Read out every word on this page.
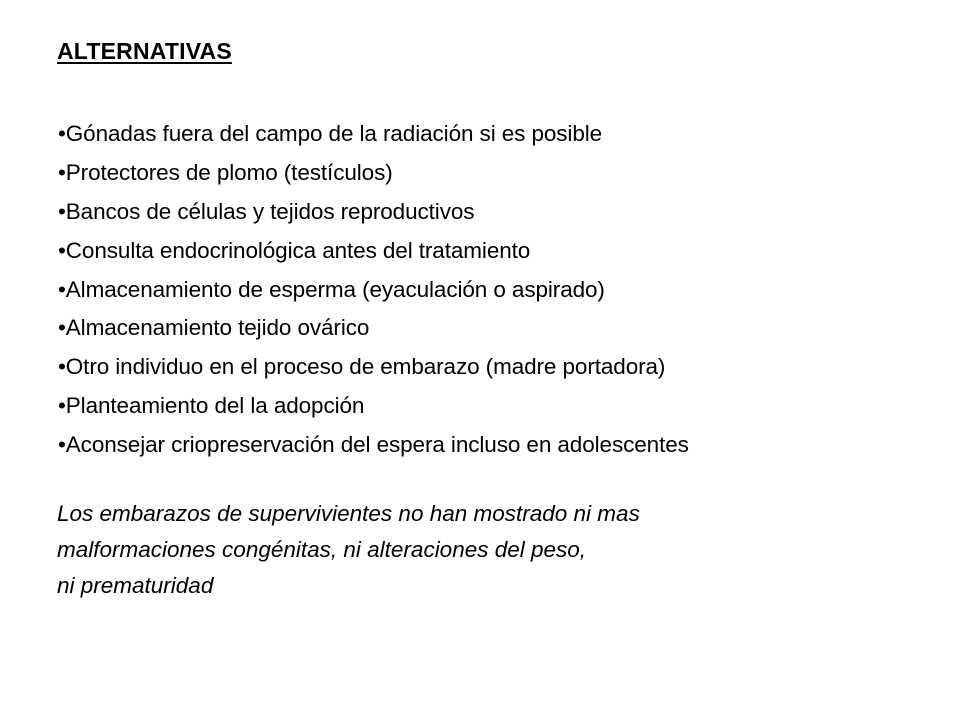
ALTERNATIVAS
•Gónadas fuera del campo de la radiación si es posible
•Protectores de plomo (testículos)
•Bancos de células y tejidos reproductivos
•Consulta endocrinológica antes del tratamiento
•Almacenamiento de esperma (eyaculación o aspirado)
•Almacenamiento tejido ovárico
•Otro individuo en el proceso de embarazo (madre portadora)
•Planteamiento del la adopción
•Aconsejar criopreservación del espera incluso en adolescentes

Los embarazos de supervivientes no han mostrado ni mas
malformaciones congénitas, ni alteraciones del peso,
ni prematuridad
